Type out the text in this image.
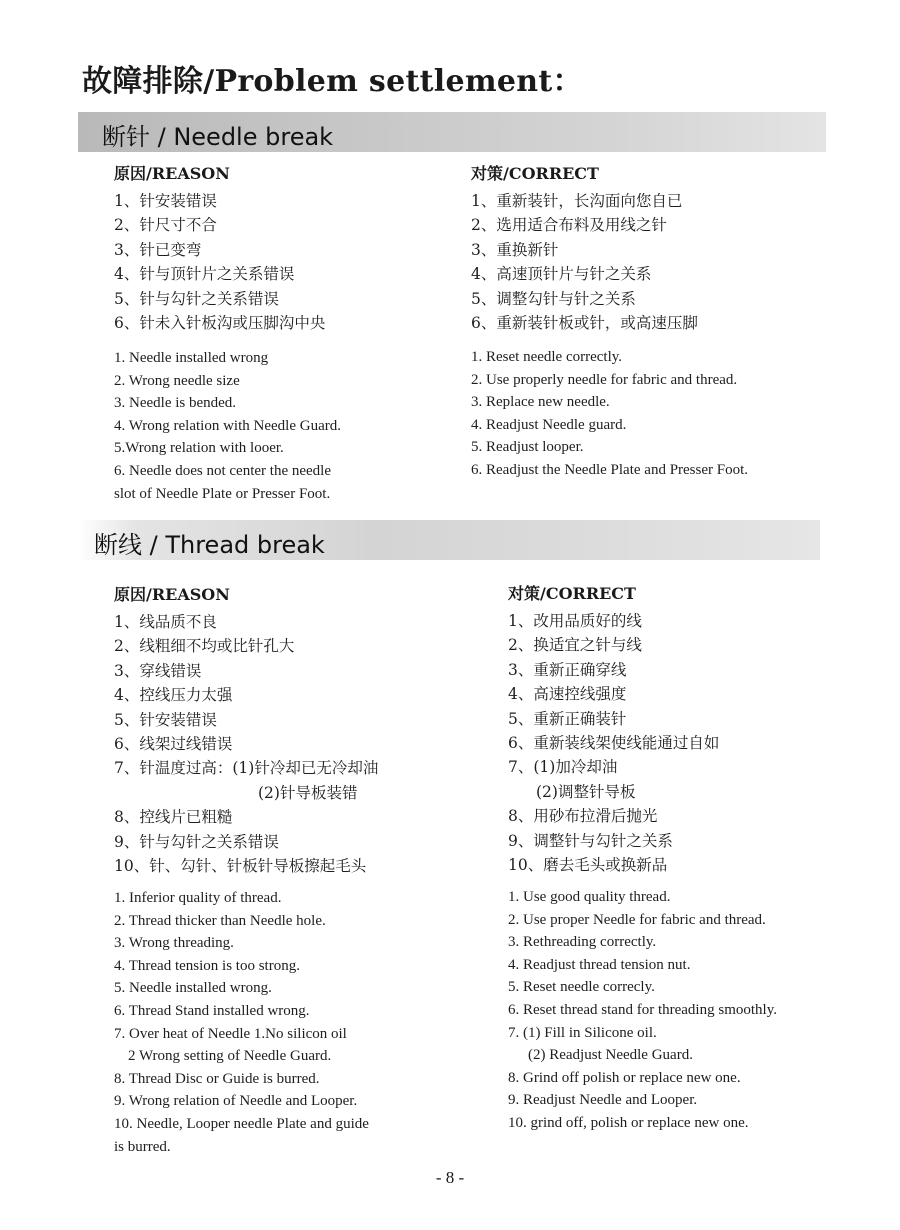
故障排除/Problem settlement：
断针 / Needle break
原因/REASON
1、针安装错误
2、针尺寸不合
3、针已变弯
4、针与顶针片之关系错误
5、针与勾针之关系错误
6、针未入针板沟或压脚沟中央
对策/CORRECT
1、重新装针，长沟面向您自已
2、选用适合布料及用线之针
3、重换新针
4、高速顶针片与针之关系
5、调整勾针与针之关系
6、重新装针板或针，或高速压脚
1. Needle installed wrong
2. Wrong needle size
3. Needle is bended.
4. Wrong relation with Needle Guard.
5.Wrong relation with looer.
6. Needle does not center the needle
slot of Needle Plate or Presser Foot.
1. Reset needle correctly.
2. Use properly needle for fabric and thread.
3. Replace new needle.
4. Readjust Needle guard.
5. Readjust looper.
6. Readjust the Needle Plate and Presser Foot.
断线 / Thread break
原因/REASON
1、线品质不良
2、线粗细不均或比针孔大
3、穿线错误
4、控线压力太强
5、针安装错误
6、线架过线错误
7、针温度过高：(1)针冷却已无冷却油
(2)针导板装错
8、控线片已粗糙
9、针与勾针之关系错误
10、针、勾针、针板针导板擦起毛头
对策/CORRECT
1、改用品质好的线
2、换适宜之针与线
3、重新正确穿线
4、高速控线强度
5、重新正确装针
6、重新装线架使线能通过自如
7、(1)加冷却油
(2)调整针导板
8、用砂布拉滑后抛光
9、调整针与勾针之关系
10、磨去毛头或换新品
1. Inferior quality of thread.
2. Thread thicker than Needle hole.
3. Wrong threading.
4. Thread tension is too strong.
5. Needle installed wrong.
6. Thread Stand installed wrong.
7. Over heat of Needle 1.No silicon oil
2 Wrong setting of Needle Guard.
8. Thread Disc or Guide is burred.
9. Wrong relation of Needle and Looper.
10. Needle, Looper needle Plate and guide
is burred.
1. Use good quality thread.
2. Use proper Needle for fabric and thread.
3. Rethreading correctly.
4. Readjust thread tension nut.
5. Reset needle correcly.
6. Reset thread stand for threading smoothly.
7. (1) Fill in Silicone oil.
(2) Readjust Needle Guard.
8. Grind off polish or replace new one.
9. Readjust Needle and Looper.
10. grind off, polish or replace new one.
- 8 -
